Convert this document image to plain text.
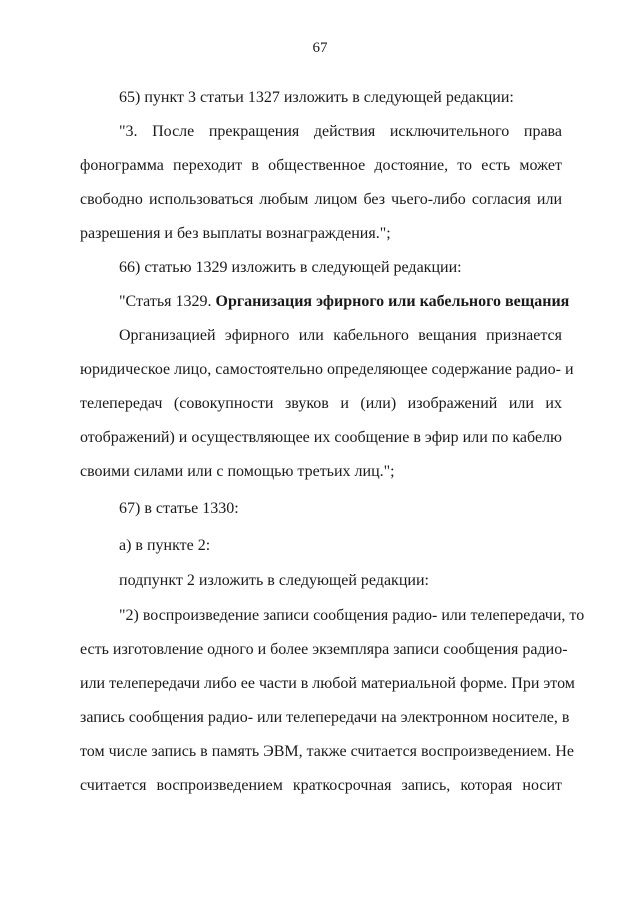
67
65) пункт 3 статьи 1327 изложить в следующей редакции:
"3. После прекращения действия исключительного права
фонограмма переходит в общественное достояние, то есть может
свободно использоваться любым лицом без чьего-либо согласия или
разрешения и без выплаты вознаграждения.";
66) статью 1329 изложить в следующей редакции:
"Статья 1329. Организация эфирного или кабельного вещания
Организацией эфирного или кабельного вещания признается
юридическое лицо, самостоятельно определяющее содержание радио- и
телепередач (совокупности звуков и (или) изображений или их
отображений) и осуществляющее их сообщение в эфир или по кабелю
своими силами или с помощью третьих лиц.";
67) в статье 1330:
а) в пункте 2:
подпункт 2 изложить в следующей редакции:
"2) воспроизведение записи сообщения радио- или телепередачи, то
есть изготовление одного и более экземпляра записи сообщения радио-
или телепередачи либо ее части в любой материальной форме. При этом
запись сообщения радио- или телепередачи на электронном носителе, в
том числе запись в память ЭВМ, также считается воспроизведением. Не
считается воспроизведением краткосрочная запись, которая носит
